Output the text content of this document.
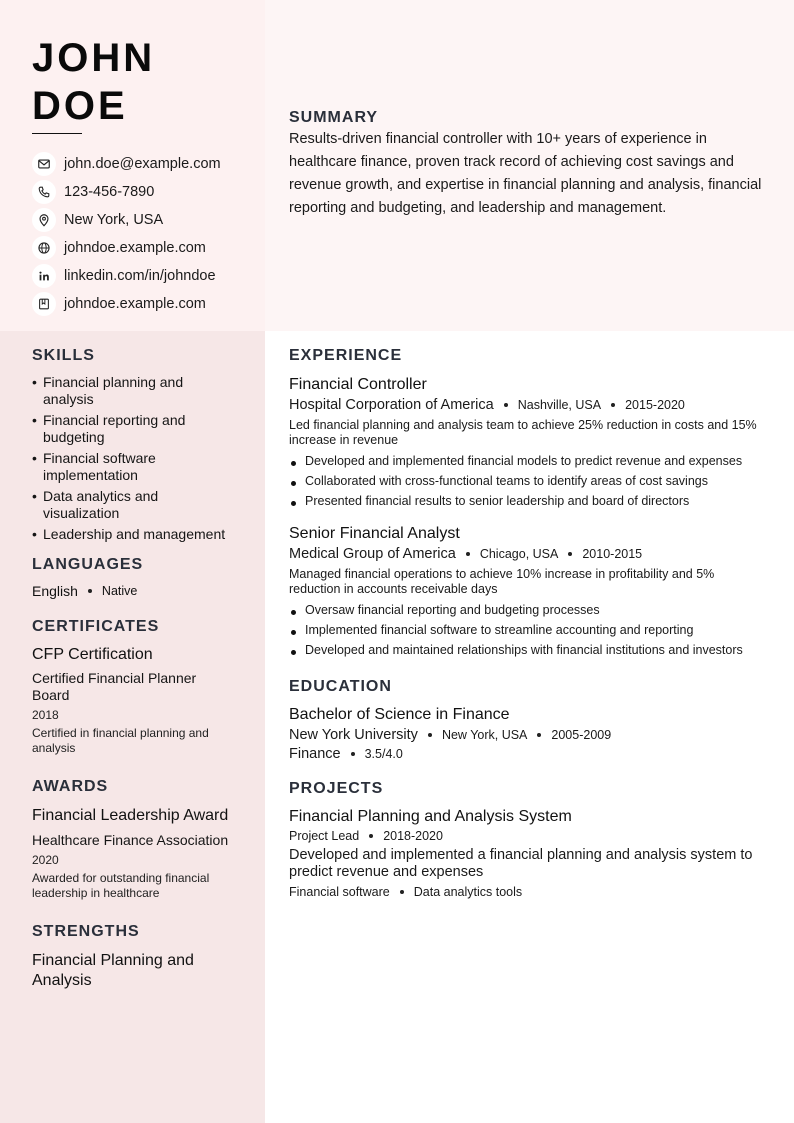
JOHN
DOE
john.doe@example.com
123-456-7890
New York, USA
johndoe.example.com
linkedin.com/in/johndoe
johndoe.example.com
SUMMARY

Results-driven financial controller with 10+ years of experience in healthcare finance, proven track record of achieving cost savings and revenue growth, and expertise in financial planning and analysis, financial reporting and budgeting, and leadership and management.

SKILLS
• Financial planning and analysis
• Financial reporting and budgeting
• Financial software implementation
• Data analytics and visualization
• Leadership and management
LANGUAGES
English Native
CERTIFICATES
CFP Certification
Certified Financial Planner Board
2018
Certified in financial planning and analysis
AWARDS
Financial Leadership Award
Healthcare Finance Association
2020
Awarded for outstanding financial leadership in healthcare
STRENGTHS
Financial Planning and Analysis
EXPERIENCE
Financial Controller
Hospital Corporation of America Nashville, USA 2015-2020
Led financial planning and analysis team to achieve 25% reduction in costs and 15% increase in revenue
Developed and implemented financial models to predict revenue and expenses
Collaborated with cross-functional teams to identify areas of cost savings
Presented financial results to senior leadership and board of directors
Senior Financial Analyst
Medical Group of America Chicago, USA 2010-2015
Managed financial operations to achieve 10% increase in profitability and 5% reduction in accounts receivable days
Oversaw financial reporting and budgeting processes
Implemented financial software to streamline accounting and reporting
Developed and maintained relationships with financial institutions and investors
EDUCATION
Bachelor of Science in Finance
New York University New York, USA 2005-2009
Finance 3.5/4.0
PROJECTS
Financial Planning and Analysis System
Project Lead 2018-2020
Developed and implemented a financial planning and analysis system to predict revenue and expenses
Financial software Data analytics tools
